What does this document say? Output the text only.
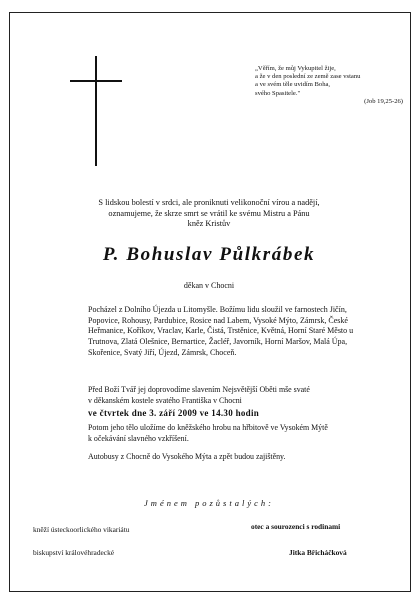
„Věřím, že můj Vykupitel žije,
a že v den poslední ze země zase vstanu
a ve svém těle uvidím Boha,
svého Spasitele."
(Job 19,25-26)
S lidskou bolestí v srdci, ale proniknuti velikonoční vírou a nadějí,
oznamujeme, že skrze smrt se vrátil ke svému Mistru a Pánu
kněz Kristův
P. Bohuslav Půlkrábek
děkan v Chocni
Pocházel z Dolního Újezda u Litomyšle. Božímu lidu sloužil ve farnostech Jičín,
Popovice, Rohousy, Pardubice, Rosice nad Labem, Vysoké Mýto, Zámrsk, České
Heřmanice, Koříkov, Vraclav, Karle, Čistá, Trstěnice, Květná, Horní Staré Město u
Trutnova, Zlatá Olešnice, Bernartice, Žacléř, Javorník, Horní Maršov, Malá Úpa,
Skořenice, Svatý Jiří, Újezd, Zámrsk, Choceň.
Před Boží Tvář jej doprovodíme slavením Nejsvětější Oběti mše svaté
v děkanském kostele svatého Františka v Chocni
ve čtvrtek dne 3. září 2009 ve 14.30 hodin
Potom jeho tělo uložíme do kněžského hrobu na hřbitově ve Vysokém Mýtě
k očekávání slavného vzkříšení.
Autobusy z Chocně do Vysokého Mýta a zpět budou zajištěny.
Jménem pozůstalých:
kněží ústeckoorlického vikariátu	otec a sourozenci s rodinami
biskupství královéhradecké	Jitka Břicháčková
